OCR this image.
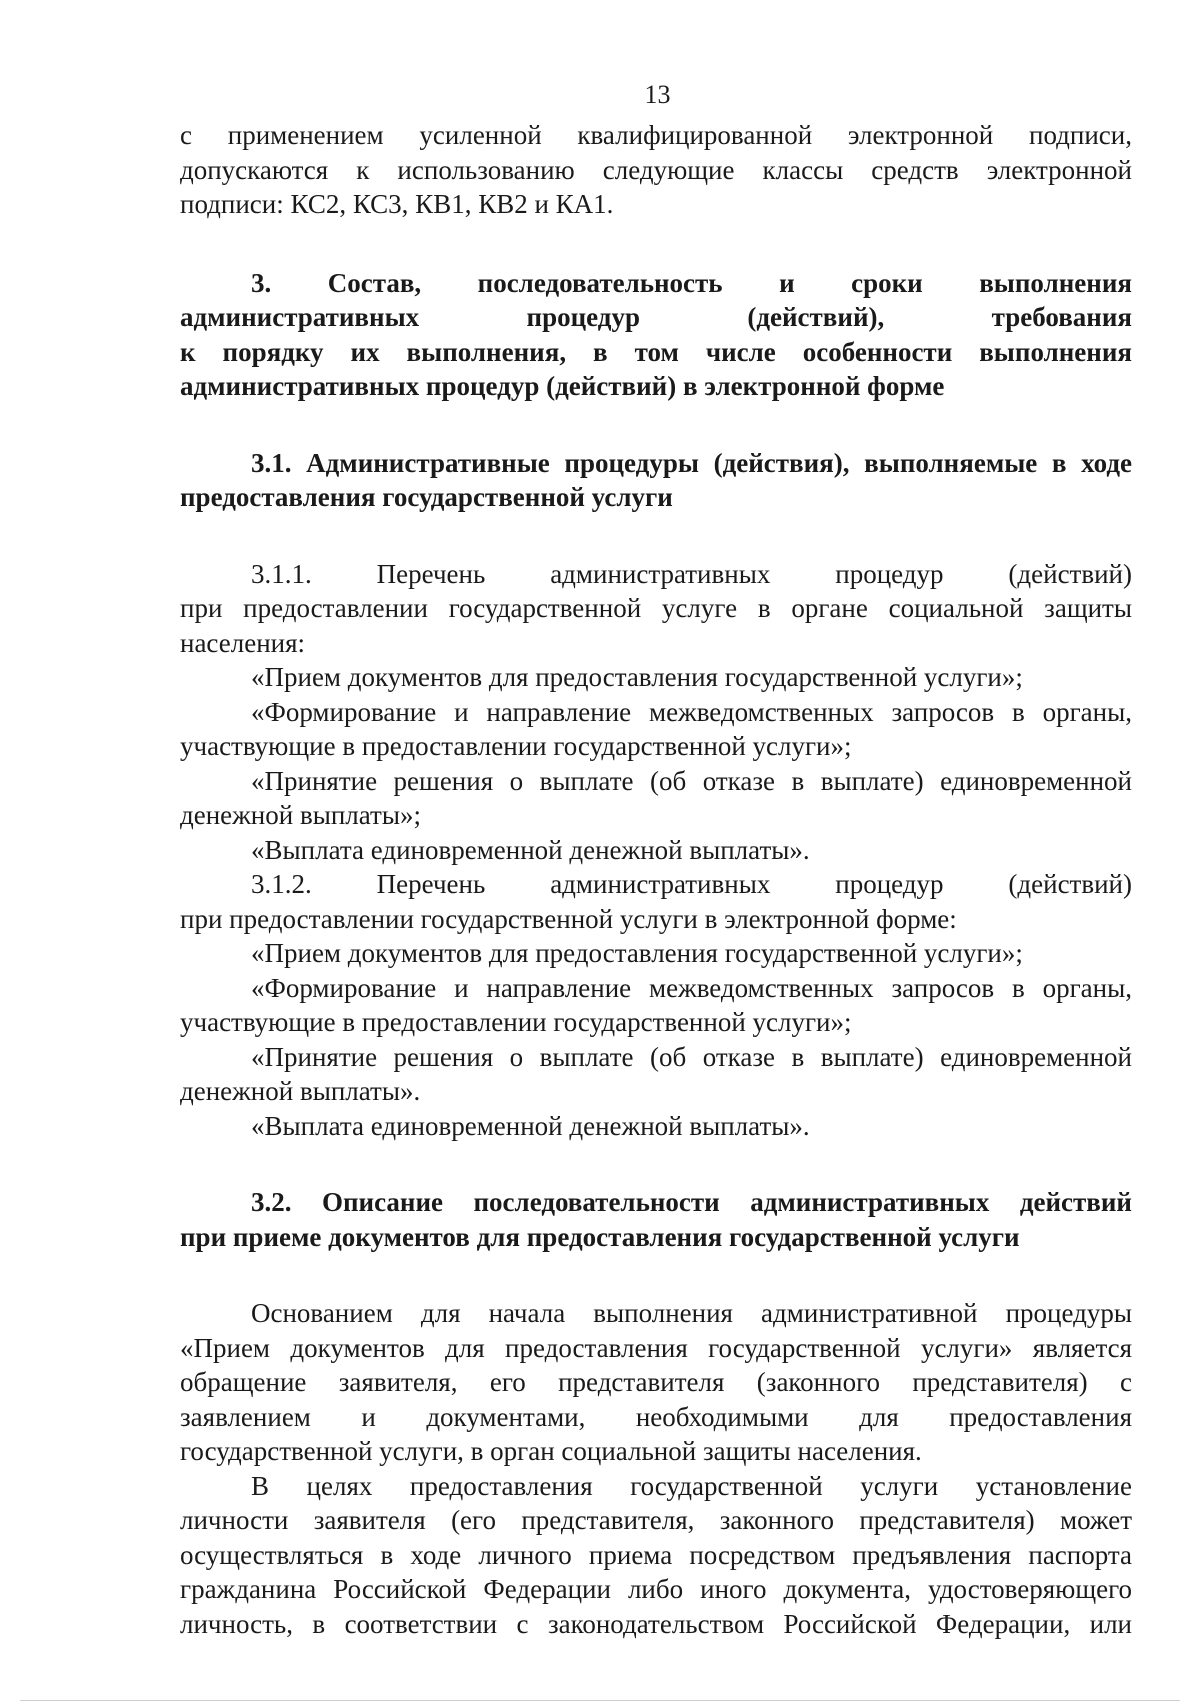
13
с применением усиленной квалифицированной электронной подписи,
допускаются к использованию следующие классы средств электронной
подписи: КС2, КС3, КВ1, КВ2 и КА1.
3. Состав, последовательность и сроки выполнения
административных процедур (действий), требования
к порядку их выполнения, в том числе особенности выполнения
административных процедур (действий) в электронной форме
3.1. Административные процедуры (действия), выполняемые в ходе
предоставления государственной услуги
3.1.1. Перечень административных процедур (действий)
при предоставлении государственной услуге в органе социальной защиты
населения:
«Прием документов для предоставления государственной услуги»;
«Формирование и направление межведомственных запросов в органы,
участвующие в предоставлении государственной услуги»;
«Принятие решения о выплате (об отказе в выплате) единовременной
денежной выплаты»;
«Выплата единовременной денежной выплаты».
3.1.2. Перечень административных процедур (действий)
при предоставлении государственной услуги в электронной форме:
«Прием документов для предоставления государственной услуги»;
«Формирование и направление межведомственных запросов в органы,
участвующие в предоставлении государственной услуги»;
«Принятие решения о выплате (об отказе в выплате) единовременной
денежной выплаты».
«Выплата единовременной денежной выплаты».
3.2. Описание последовательности административных действий
при приеме документов для предоставления государственной услуги
Основанием для начала выполнения административной процедуры
«Прием документов для предоставления государственной услуги» является
обращение заявителя, его представителя (законного представителя) с
заявлением и документами, необходимыми для предоставления
государственной услуги, в орган социальной защиты населения.
В целях предоставления государственной услуги установление
личности заявителя (его представителя, законного представителя) может
осуществляться в ходе личного приема посредством предъявления паспорта
гражданина Российской Федерации либо иного документа, удостоверяющего
личность, в соответствии с законодательством Российской Федерации, или
